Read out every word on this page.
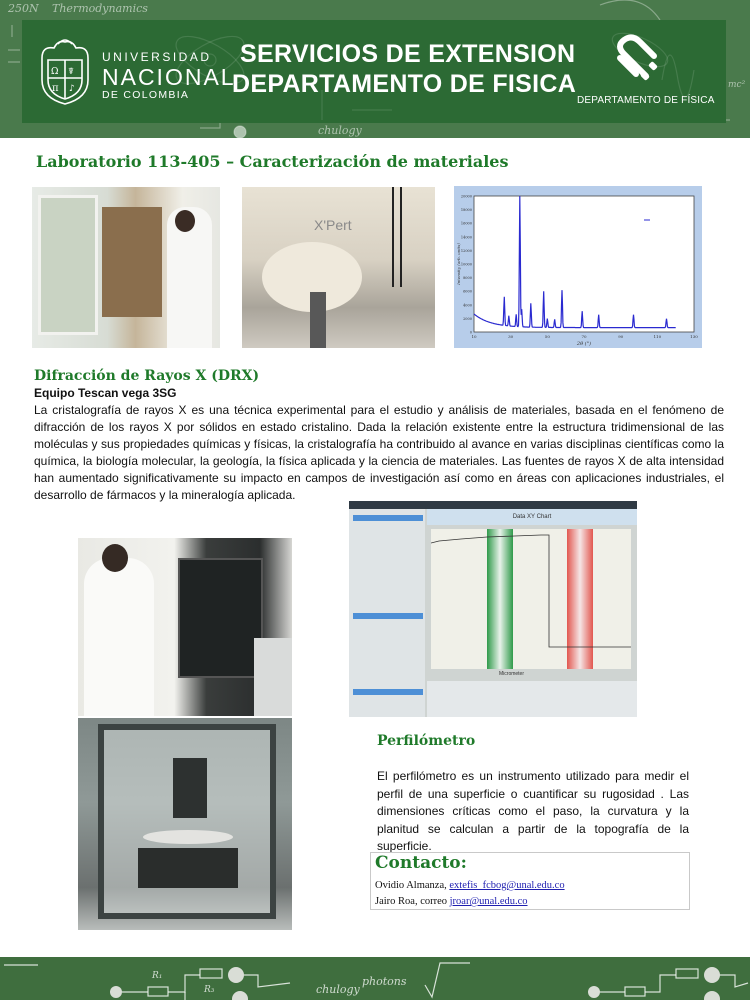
250N Thermodynamics
chulogy
mc²
Ω ☤
π ♪
UNIVERSIDAD
NACIONAL
DE COLOMBIA
SERVICIOS DE EXTENSION
DEPARTAMENTO DE FISICA
DEPARTAMENTO DE FÍSICA
Laboratorio 113-405 – Caracterización de materiales
X'Pert
0
2000
4000
6000
8000
10000
12000
14000
16000
18000
20000
10	30	50	70	90	110	130
Intensity (arb. units)
2θ (°)
Difracción de Rayos X (DRX)
Equipo Tescan vega 3SG

La cristalografía de rayos X es una técnica experimental para el estudio y análisis de materiales, basada en el fenómeno de difracción de los rayos X por sólidos en estado cristalino. Dada la relación existente entre la estructura tridimensional de las moléculas y sus propiedades químicas y físicas, la cristalografía ha contribuido al avance en varias disciplinas científicas como la química, la biología molecular, la geología, la física aplicada y la ciencia de materiales. Las fuentes de rayos X de alta intensidad han aumentado significativamente su impacto en campos de investigación así como en áreas con aplicaciones industriales, el desarrollo de fármacos y la mineralogía aplicada.

Data XY Chart
Micrometer
Perfilómetro

El perfilómetro es un instrumento utilizado para medir el perfil de una superficie o cuantificar su rugosidad . Las dimensiones críticas como el paso, la curvatura y la planitud se calculan a partir de la topografía de la superficie.

Contacto:
Ovidio Almanza, extefis_fcbog@unal.edu.co
Jairo Roa, correo jroar@unal.edu.co
chulogy
photons
R₁
R₃
